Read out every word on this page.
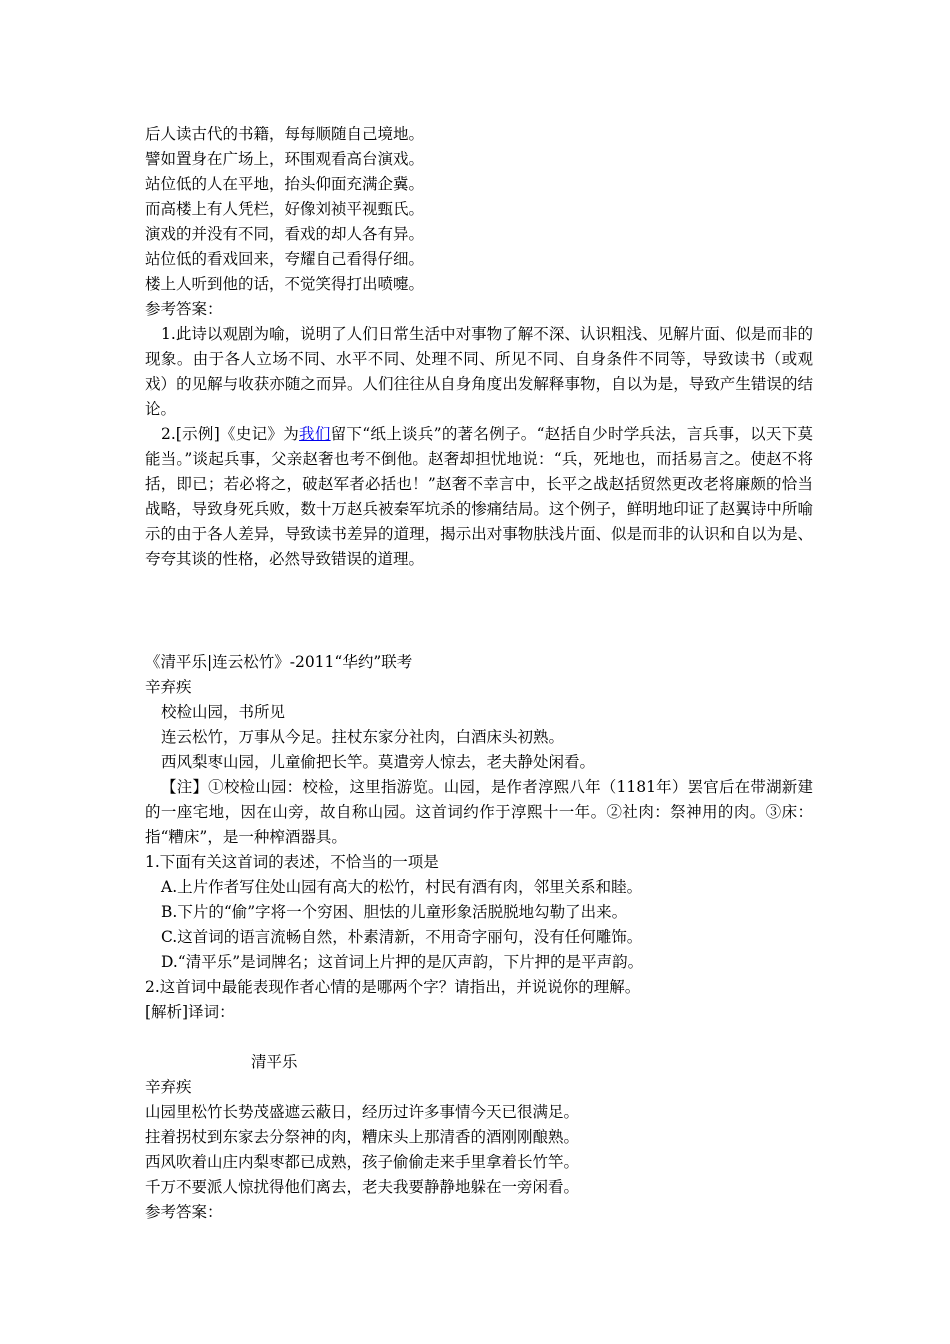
后人读古代的书籍，每每顺随自己境地。

譬如置身在广场上，环围观看高台演戏。

站位低的人在平地，抬头仰面充满企冀。

而高楼上有人凭栏，好像刘祯平视甄氏。

演戏的并没有不同，看戏的却人各有异。

站位低的看戏回来，夸耀自己看得仔细。

楼上人听到他的话，不觉笑得打出喷嚏。

参考答案：

1.此诗以观剧为喻，说明了人们日常生活中对事物了解不深、认识粗浅、见解片面、似是而非的现象。由于各人立场不同、水平不同、处理不同、所见不同、自身条件不同等，导致读书（或观戏）的见解与收获亦随之而异。人们往往从自身角度出发解释事物，自以为是，导致产生错误的结论。

2.[示例]《史记》为我们留下“纸上谈兵”的著名例子。“赵括自少时学兵法，言兵事，以天下莫能当。”谈起兵事，父亲赵奢也考不倒他。赵奢却担忧地说：“兵，死地也，而括易言之。使赵不将括，即已；若必将之，破赵军者必括也！”赵奢不幸言中，长平之战赵括贸然更改老将廉颇的恰当战略，导致身死兵败，数十万赵兵被秦军坑杀的惨痛结局。这个例子，鲜明地印证了赵翼诗中所喻示的由于各人差异，导致读书差异的道理，揭示出对事物肤浅片面、似是而非的认识和自以为是、夸夸其谈的性格，必然导致错误的道理。

《清平乐|连云松竹》-2011“华约”联考

辛弃疾

校检山园，书所见

连云松竹，万事从今足。拄杖东家分社肉，白酒床头初熟。

西风梨枣山园，儿童偷把长竿。莫遣旁人惊去，老夫静处闲看。

【注】①校检山园：校检，这里指游览。山园，是作者淳熙八年（1181年）罢官后在带湖新建的一座宅地，因在山旁，故自称山园。这首词约作于淳熙十一年。②社肉：祭神用的肉。③床：指“糟床”，是一种榨酒器具。

1.下面有关这首词的表述，不恰当的一项是

A.上片作者写住处山园有高大的松竹，村民有酒有肉，邻里关系和睦。

B.下片的“偷”字将一个穷困、胆怯的儿童形象活脱脱地勾勒了出来。

C.这首词的语言流畅自然，朴素清新，不用奇字丽句，没有任何雕饰。

D.“清平乐”是词牌名；这首词上片押的是仄声韵，下片押的是平声韵。

2.这首词中最能表现作者心情的是哪两个字？请指出，并说说你的理解。

[解析]译词：

清平乐

辛弃疾

山园里松竹长势茂盛遮云蔽日，经历过许多事情今天已很满足。

拄着拐杖到东家去分祭神的肉，糟床头上那清香的酒刚刚酿熟。

西风吹着山庄内梨枣都已成熟，孩子偷偷走来手里拿着长竹竿。

千万不要派人惊扰得他们离去，老夫我要静静地躲在一旁闲看。

参考答案：
